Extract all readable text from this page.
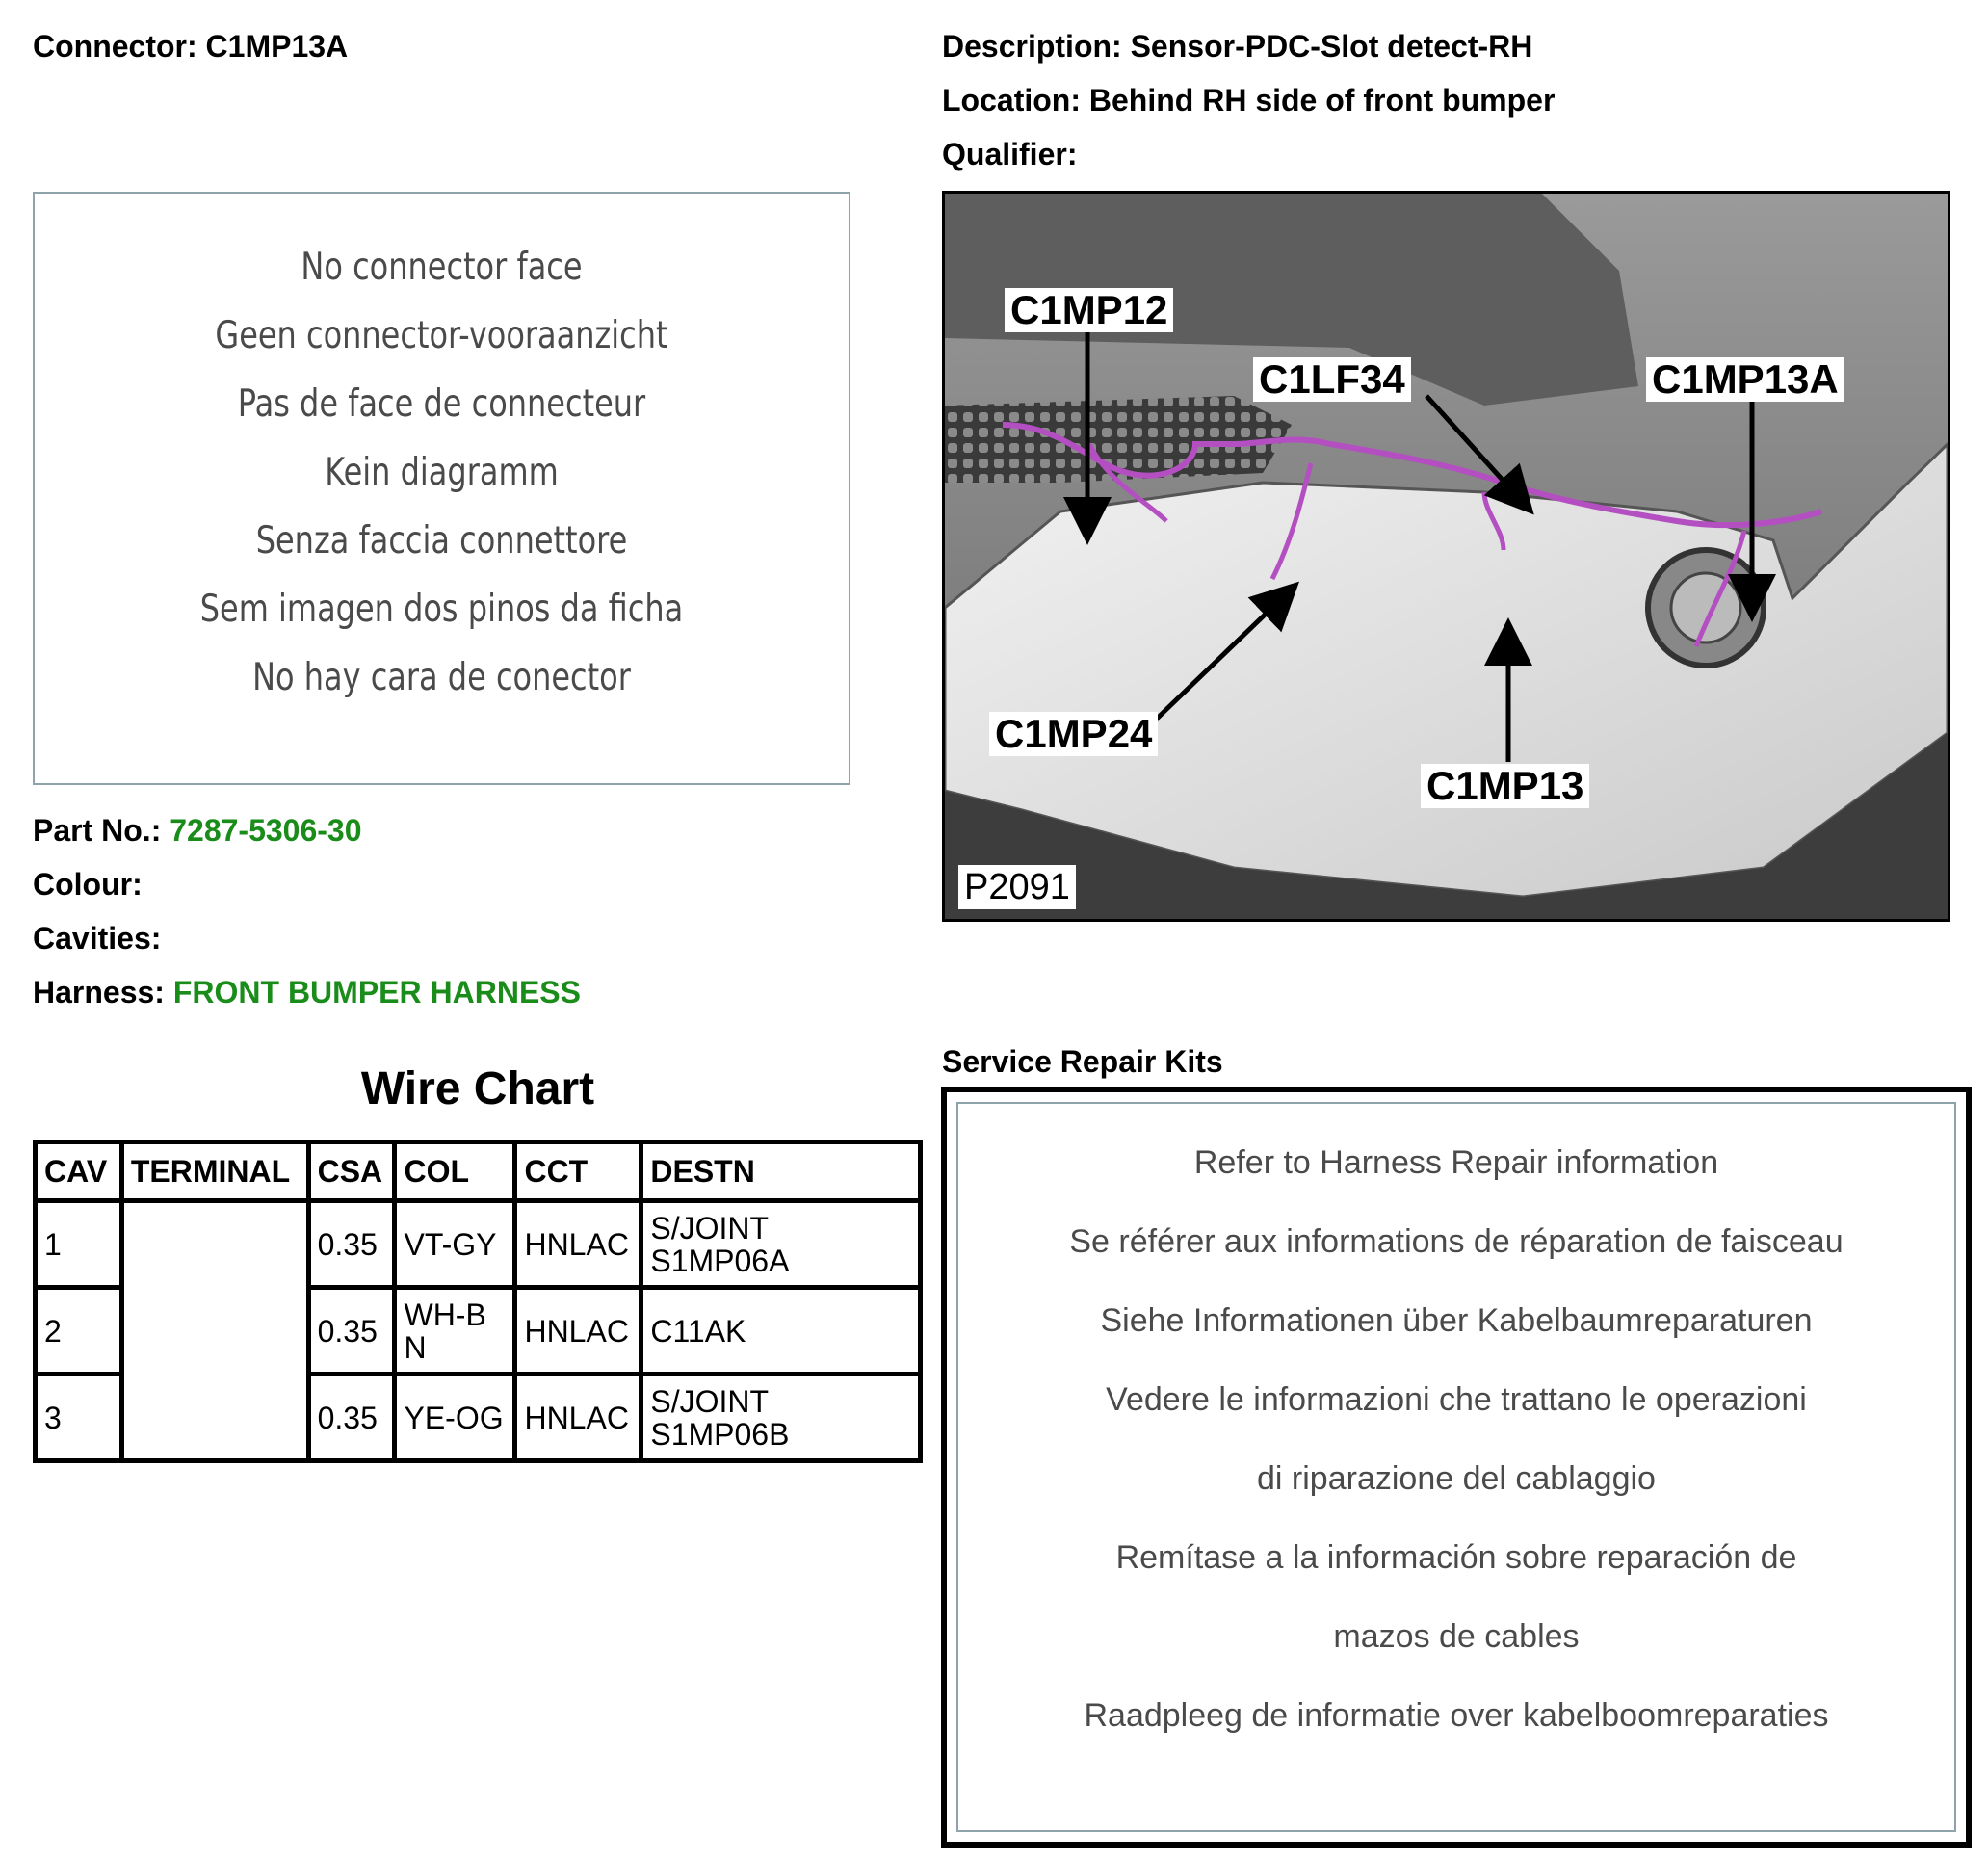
Connector: C1MP13A	Description: Sensor-PDC-Slot detect-RH
Location: Behind RH side of front bumper
Qualifier:
No connector face
Geen connector-vooraanzicht
Pas de face de connecteur
Kein diagramm
Senza faccia connettore
Sem imagen dos pinos da ficha
No hay cara de conector
Part No.: 7287-5306-30
Colour:
Cavities:
Harness: FRONT BUMPER HARNESS
Wire Chart
CAV	TERMINAL	CSA	COL	CCT	DESTN
1		0.35	VT-GY	HNLAC	S/JOINT S1MP06A
2		0.35	WH-BN	HNLAC	C11AK
3		0.35	YE-OG	HNLAC	S/JOINT S1MP06B
C1MP12
C1LF34	C1MP13A
C1MP24
C1MP13
P2091
Service Repair Kits
Refer to Harness Repair information
Se référer aux informations de réparation de faisceau
Siehe Informationen über Kabelbaumreparaturen
Vedere le informazioni che trattano le operazioni
di riparazione del cablaggio
Remítase a la información sobre reparación de
mazos de cables
Raadpleeg de informatie over kabelboomreparaties
